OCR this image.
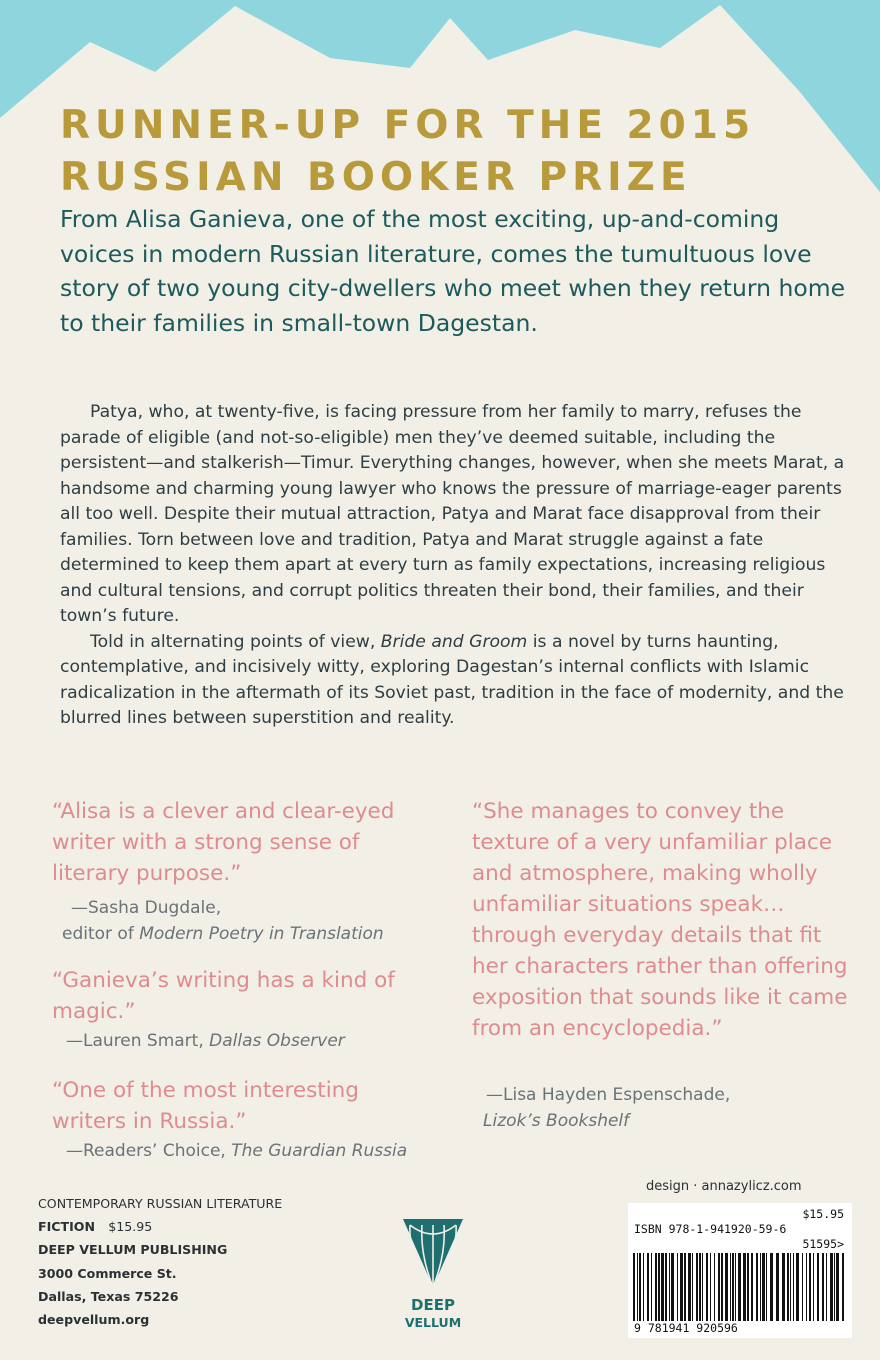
RUNNER-UP FOR THE 2015
RUSSIAN BOOKER PRIZE

From Alisa Ganieva, one of the most exciting, up-and-coming voices in modern Russian literature, comes the tumultuous love story of two young city-dwellers who meet when they return home to their families in small-town Dagestan.

Patya, who, at twenty-five, is facing pressure from her family to marry, refuses the parade of eligible (and not-so-eligible) men they’ve deemed suitable, including the persistent—and stalkerish—Timur. Everything changes, however, when she meets Marat, a handsome and charming young lawyer who knows the pressure of marriage-eager parents all too well. Despite their mutual attraction, Patya and Marat face disapproval from their families. Torn between love and tradition, Patya and Marat struggle against a fate determined to keep them apart at every turn as family expectations, increasing religious and cultural tensions, and corrupt politics threaten their bond, their families, and their town’s future.

Told in alternating points of view, Bride and Groom is a novel by turns haunting, contemplative, and incisively witty, exploring Dagestan’s internal conflicts with Islamic radicalization in the aftermath of its Soviet past, tradition in the face of modernity, and the blurred lines between superstition and reality.

“Alisa is a clever and clear-eyed writer with a strong sense of literary purpose.”

—Sasha Dugdale,
editor of Modern Poetry in Translation

“Ganieva’s writing has a kind of magic.”

—Lauren Smart, Dallas Observer

“One of the most interesting writers in Russia.”

—Readers’ Choice, The Guardian Russia

“She manages to convey the texture of a very unfamiliar place and atmosphere, making wholly unfamiliar situations speak…through everyday details that fit her characters rather than offering exposition that sounds like it came from an encyclopedia.”

—Lisa Hayden Espenschade,
Lizok’s Bookshelf
CONTEMPORARY RUSSIAN LITERATURE
FICTION $15.95
DEEP VELLUM PUBLISHING
3000 Commerce St.
Dallas, Texas 75226
deepvellum.org
DEEP
VELLUM
design · annazylicz.com
$15.95
ISBN 978-1-941920-59-6
51595>
9 781941 920596
